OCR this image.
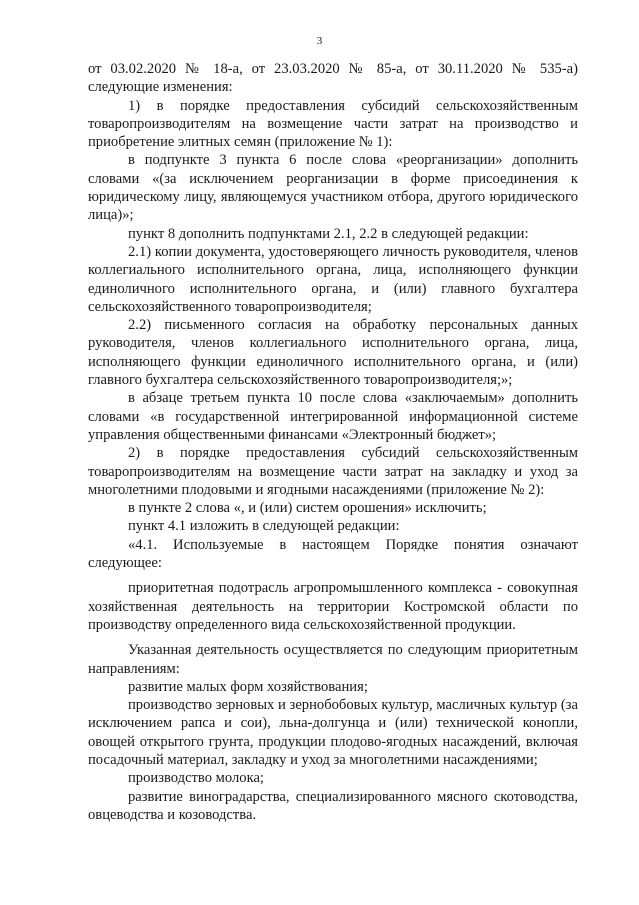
3

от 03.02.2020 № 18-а, от 23.03.2020 № 85-а, от 30.11.2020 № 535-а) следующие изменения:

1) в порядке предоставления субсидий сельскохозяйственным товаропроизводителям на возмещение части затрат на производство и приобретение элитных семян (приложение № 1):

в подпункте 3 пункта 6 после слова «реорганизации» дополнить словами «(за исключением реорганизации в форме присоединения к юридическому лицу, являющемуся участником отбора, другого юридического лица)»;

пункт 8 дополнить подпунктами 2.1, 2.2 в следующей редакции:

2.1) копии документа, удостоверяющего личность руководителя, членов коллегиального исполнительного органа, лица, исполняющего функции единоличного исполнительного органа, и (или) главного бухгалтера сельскохозяйственного товаропроизводителя;

2.2) письменного согласия на обработку персональных данных руководителя, членов коллегиального исполнительного органа, лица, исполняющего функции единоличного исполнительного органа, и (или) главного бухгалтера сельскохозяйственного товаропроизводителя;»;

в абзаце третьем пункта 10 после слова «заключаемым» дополнить словами «в государственной интегрированной информационной системе управления общественными финансами «Электронный бюджет»;

2) в порядке предоставления субсидий сельскохозяйственным товаропроизводителям на возмещение части затрат на закладку и уход за многолетними плодовыми и ягодными насаждениями (приложение № 2):

в пункте 2 слова «, и (или) систем орошения» исключить;

пункт 4.1 изложить в следующей редакции:

«4.1. Используемые в настоящем Порядке понятия означают следующее:

приоритетная подотрасль агропромышленного комплекса - совокупная хозяйственная деятельность на территории Костромской области по производству определенного вида сельскохозяйственной продукции.

Указанная деятельность осуществляется по следующим приоритетным направлениям:

развитие малых форм хозяйствования;

производство зерновых и зернобобовых культур, масличных культур (за исключением рапса и сои), льна-долгунца и (или) технической конопли, овощей открытого грунта, продукции плодово-ягодных насаждений, включая посадочный материал, закладку и уход за многолетними насаждениями;

производство молока;

развитие виноградарства, специализированного мясного скотоводства, овцеводства и козоводства.
